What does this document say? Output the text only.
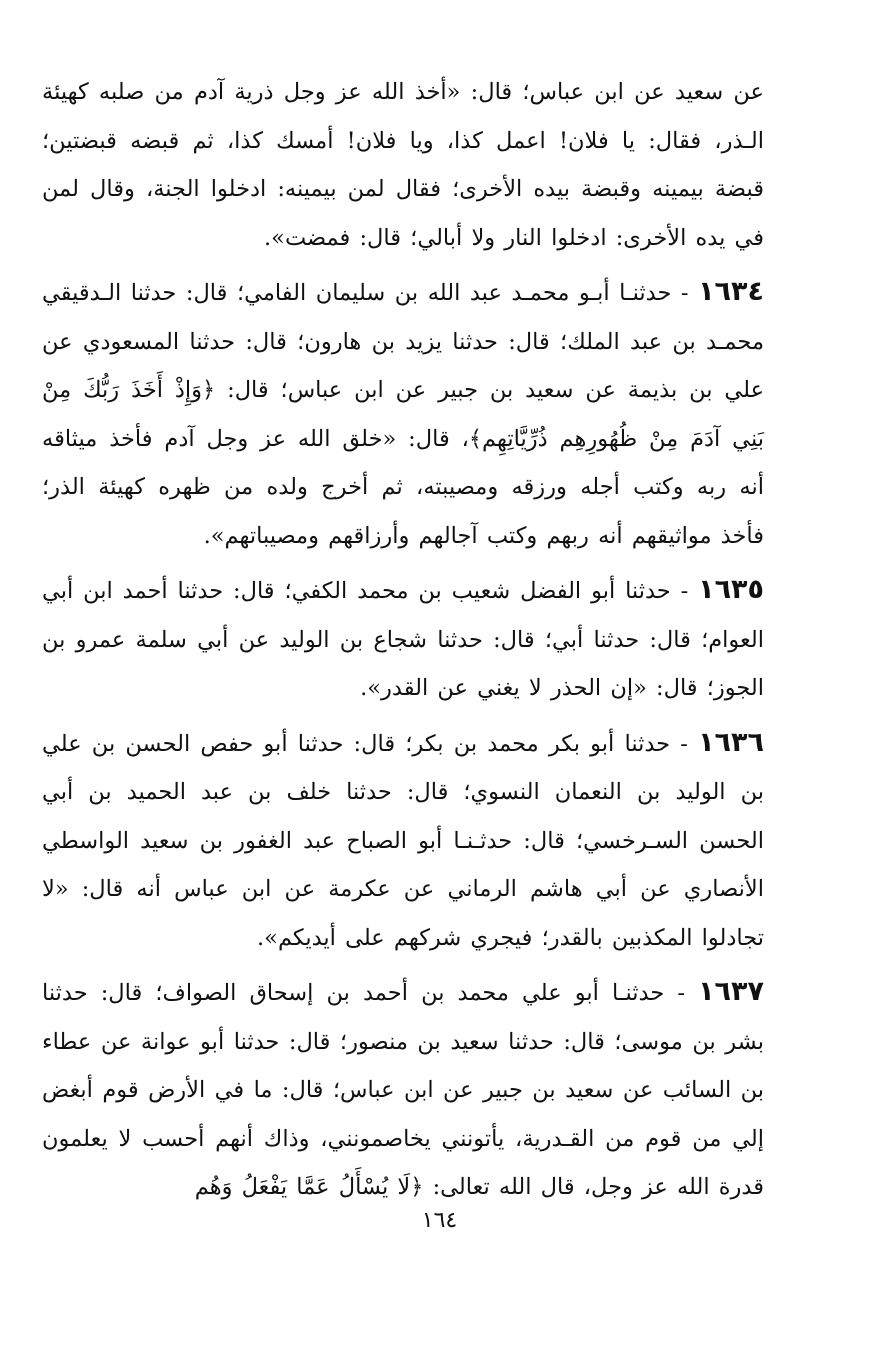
عن سعيد عن ابن عباس؛ قال: «أخذ الله عز وجل ذرية آدم من صلبه كهيئة الـذر، فقال: يا فلان! اعمل كذا، ويا فلان! أمسك كذا، ثم قبضه قبضتين؛ قبضة بيمينه وقبضة بيده الأخرى؛ فقال لمن بيمينه: ادخلوا الجنة، وقال لمن في يده الأخرى: ادخلوا النار ولا أبالي؛ قال: فمضت».

١٦٣٤ - حدثنـا أبـو محمـد عبد الله بن سليمان الفامي؛ قال: حدثنا الـدقيقي محمـد بن عبد الملك؛ قال: حدثنا يزيد بن هارون؛ قال: حدثنا المسعودي عن علي بن بذيمة عن سعيد بن جبير عن ابن عباس؛ قال: ﴿وَإِذْ أَخَذَ رَبُّكَ مِنْ بَنِي آدَمَ مِنْ ظُهُورِهِم ذُرِّيَّاتِهِم﴾، قال: «خلق الله عز وجل آدم فأخذ ميثاقه أنه ربه وكتب أجله ورزقه ومصيبته، ثم أخرج ولده من ظهره كهيئة الذر؛ فأخذ مواثيقهم أنه ربهم وكتب آجالهم وأرزاقهم ومصيباتهم».

١٦٣٥ - حدثنا أبو الفضل شعيب بن محمد الكفي؛ قال: حدثنا أحمد ابن أبي العوام؛ قال: حدثنا أبي؛ قال: حدثنا شجاع بن الوليد عن أبي سلمة عمرو بن الجوز؛ قال: «إن الحذر لا يغني عن القدر».

١٦٣٦ - حدثنا أبو بكر محمد بن بكر؛ قال: حدثنا أبو حفص الحسن بن علي بن الوليد بن النعمان النسوي؛ قال: حدثنا خلف بن عبد الحميد بن أبي الحسن السـرخسي؛ قال: حدثـنـا أبو الصباح عبد الغفور بن سعيد الواسطي الأنصاري عن أبي هاشم الرماني عن عكرمة عن ابن عباس أنه قال: «لا تجادلوا المكذبين بالقدر؛ فيجري شركهم على أيديكم».

١٦٣٧ - حدثنـا أبو علي محمد بن أحمد بن إسحاق الصواف؛ قال: حدثنا بشر بن موسى؛ قال: حدثنا سعيد بن منصور؛ قال: حدثنا أبو عوانة عن عطاء بن السائب عن سعيد بن جبير عن ابن عباس؛ قال: ما في الأرض قوم أبغض إلي من قوم من القـدرية، يأتونني يخاصمونني، وذاك أنهم أحسب لا يعلمون قدرة الله عز وجل، قال الله تعالى: ﴿لَا يُسْأَلُ عَمَّا يَفْعَلُ وَهُم

١٦٤
